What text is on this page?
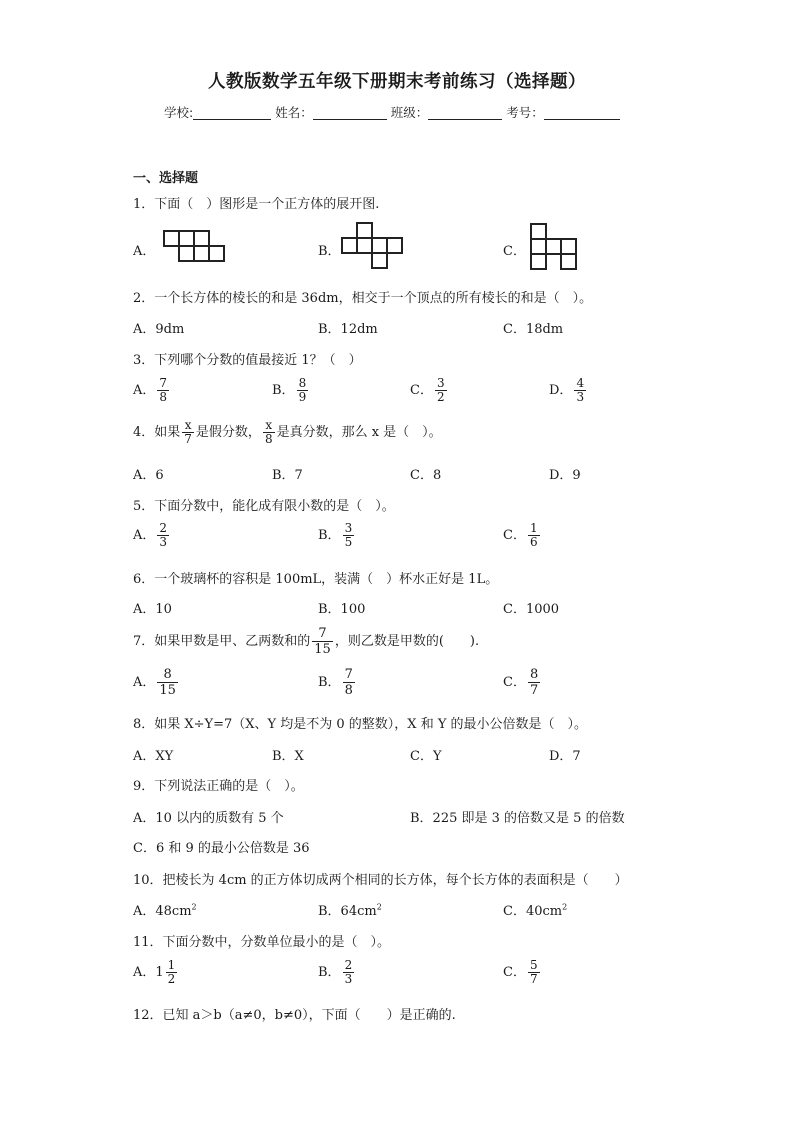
人教版数学五年级下册期末考前练习（选择题）
学校:	姓名：	班级：	考号：
一、选择题
1．下面（　）图形是一个正方体的展开图.
A．	B．	C．
2．一个长方体的棱长的和是 36dm，相交于一个顶点的所有棱长的和是（　）。
A．9dm	B．12dm	C．18dm
3．下列哪个分数的值最接近 1？（　）
A． $\frac{7}{8}$	B． $\frac{8}{9}$	C． $\frac{3}{2}$	D． $\frac{4}{3}$
4．如果 $\frac{x}{7}$ 是假分数， $\frac{x}{8}$ 是真分数，那么 x 是（　）。
A．6	B．7	C．8	D．9
5．下面分数中，能化成有限小数的是（　）。
A． $\frac{2}{3}$	B． $\frac{3}{5}$	C． $\frac{1}{6}$
6．一个玻璃杯的容积是 100mL，装满（　）杯水正好是 1L。
A．10	B．100	C．1000
7．如果甲数是甲、乙两数和的 $\frac{7}{15}$ ，则乙数是甲数的(　　).
A． $\frac{8}{15}$	B． $\frac{7}{8}$	C． $\frac{8}{7}$
8．如果 X÷Y=7（X、Y 均是不为 0 的整数），X 和 Y 的最小公倍数是（　）。
A．XY	B．X	C．Y	D．7
9．下列说法正确的是（　）。
A．10 以内的质数有 5 个	B．225 即是 3 的倍数又是 5 的倍数
C．6 和 9 的最小公倍数是 36
10．把棱长为 4cm 的正方体切成两个相同的长方体，每个长方体的表面积是（　　）
A．$48cm^2$	B．$64cm^2$	C．$40cm^2$
11．下面分数中，分数单位最小的是（　）。
A．$1 \frac{1}{2}$	B． $\frac{2}{3}$	C． $\frac{5}{7}$
12．已知 a＞b（a≠0，b≠0），下面（　　）是正确的.
